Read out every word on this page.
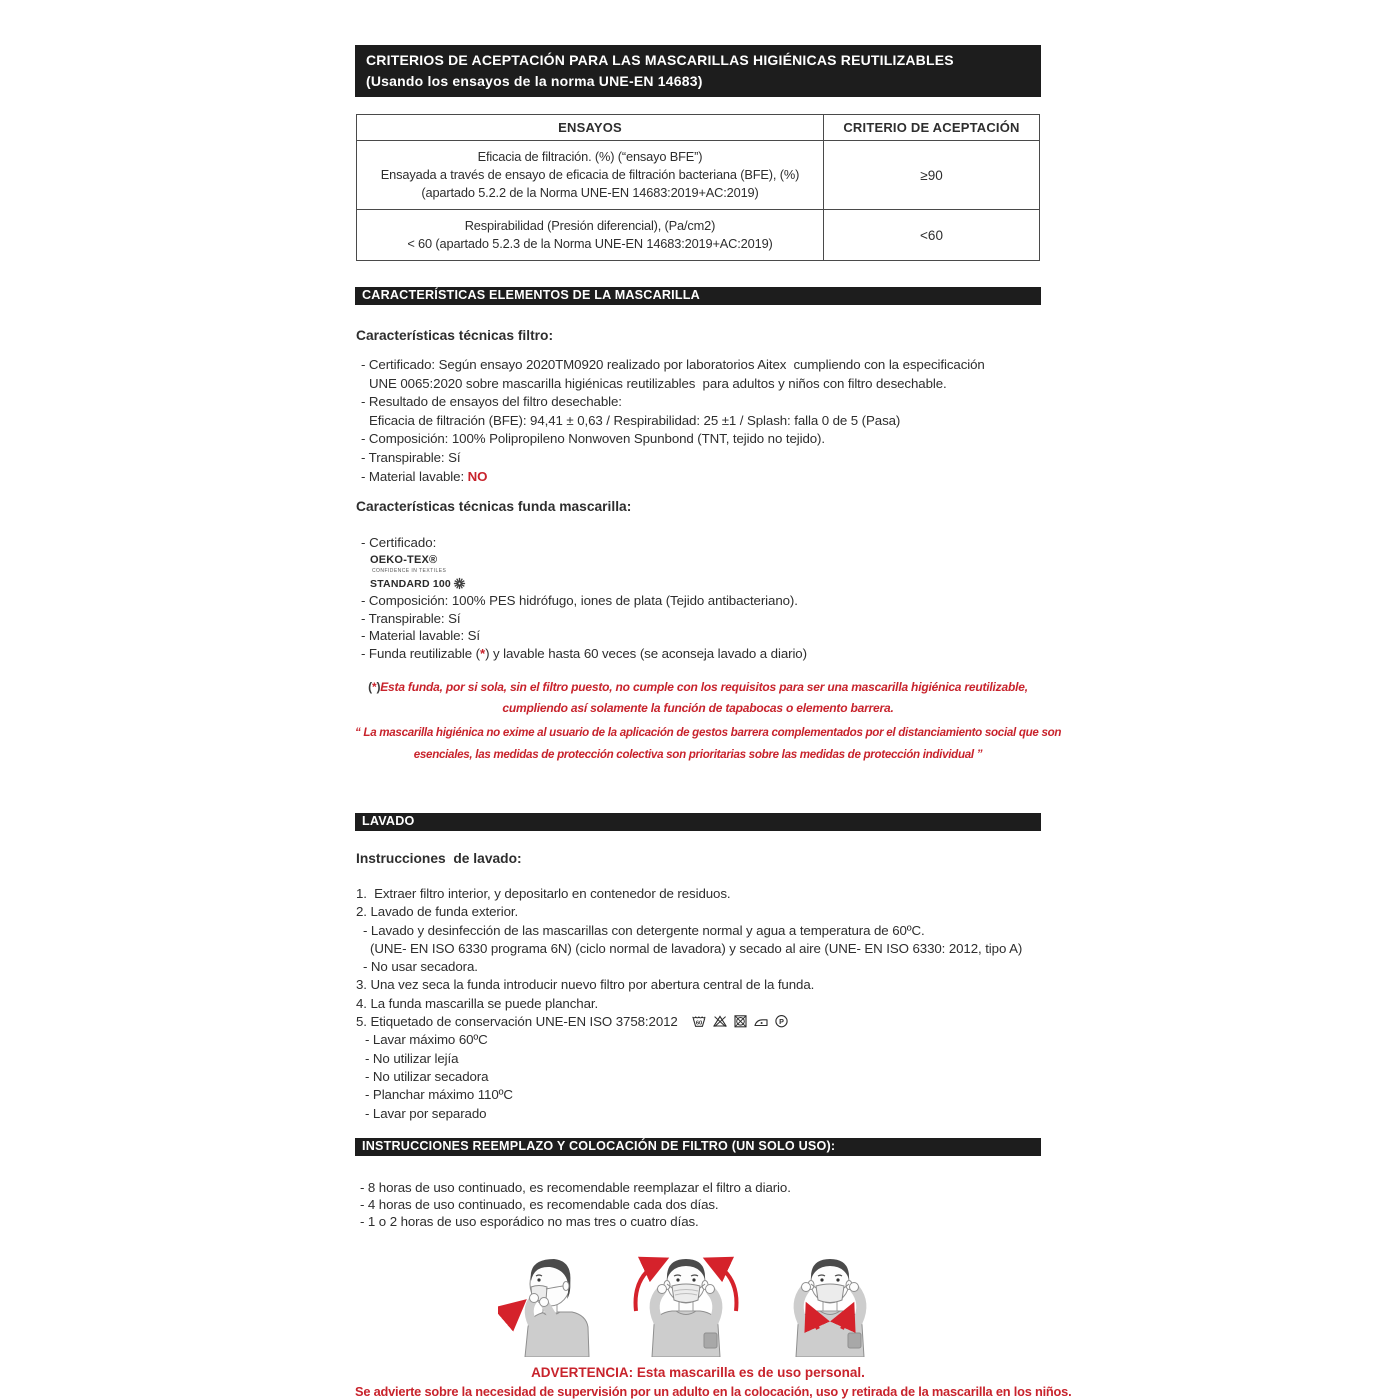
CRITERIOS DE ACEPTACIÓN PARA LAS MASCARILLAS HIGIÉNICAS REUTILIZABLES
(Usando los ensayos de la norma UNE-EN 14683)
ENSAYOS	CRITERIO DE ACEPTACIÓN

Eficacia de filtración. (%) (“ensayo BFE”)
Ensayada a través de ensayo de eficacia de filtración bacteriana (BFE), (%)
(apartado 5.2.2 de la Norma UNE-EN 14683:2019+AC:2019)	≥90

Respirabilidad (Presión diferencial), (Pa/cm2)
< 60 (apartado 5.2.3 de la Norma UNE-EN 14683:2019+AC:2019)	<60
CARACTERÍSTICAS ELEMENTOS DE LA MASCARILLA
Características técnicas filtro:
- Certificado: Según ensayo 2020TM0920 realizado por laboratorios Aitex  cumpliendo con la especificación
UNE 0065:2020 sobre mascarilla higiénicas reutilizables  para adultos y niños con filtro desechable.
- Resultado de ensayos del filtro desechable:
Eficacia de filtración (BFE): 94,41 ± 0,63 / Respirabilidad: 25 ±1 / Splash: falla 0 de 5 (Pasa)
- Composición: 100% Polipropileno Nonwoven Spunbond (TNT, tejido no tejido).
- Transpirable: Sí
- Material lavable: NO
Características técnicas funda mascarilla:
- Certificado:
OEKO-TEX®
CONFIDENCE IN TEXTILES
STANDARD 100
- Composición: 100% PES hidrófugo, iones de plata (Tejido antibacteriano).
- Transpirable: Sí
- Material lavable: Sí
- Funda reutilizable (*) y lavable hasta 60 veces (se aconseja lavado a diario)
(*)Esta funda, por si sola, sin el filtro puesto, no cumple con los requisitos para ser una mascarilla higiénica reutilizable,
cumpliendo así solamente la función de tapabocas o elemento barrera.
“ La mascarilla higiénica no exime al usuario de la aplicación de gestos barrera complementados por el distanciamiento social que son
esenciales, las medidas de protección colectiva son prioritarias sobre las medidas de protección individual ”
LAVADO
Instrucciones  de lavado:
1.  Extraer filtro interior, y depositarlo en contenedor de residuos.
2. Lavado de funda exterior.
- Lavado y desinfección de las mascarillas con detergente normal y agua a temperatura de 60ºC.
(UNE- EN ISO 6330 programa 6N) (ciclo normal de lavadora) y secado al aire (UNE- EN ISO 6330: 2012, tipo A)
- No usar secadora.
3. Una vez seca la funda introducir nuevo filtro por abertura central de la funda.
4. La funda mascarilla se puede planchar.
5. Etiquetado de conservación UNE-EN ISO 3758:2012	60	P
- Lavar máximo 60ºC
- No utilizar lejía
- No utilizar secadora
- Planchar máximo 110ºC
- Lavar por separado
INSTRUCCIONES REEMPLAZO Y COLOCACIÓN DE FILTRO (UN SOLO USO):
- 8 horas de uso continuado, es recomendable reemplazar el filtro a diario.
- 4 horas de uso continuado, es recomendable cada dos días.
- 1 o 2 horas de uso esporádico no mas tres o cuatro días.
ADVERTENCIA: Esta mascarilla es de uso personal.
Se advierte sobre la necesidad de supervisión por un adulto en la colocación, uso y retirada de la mascarilla en los niños.
